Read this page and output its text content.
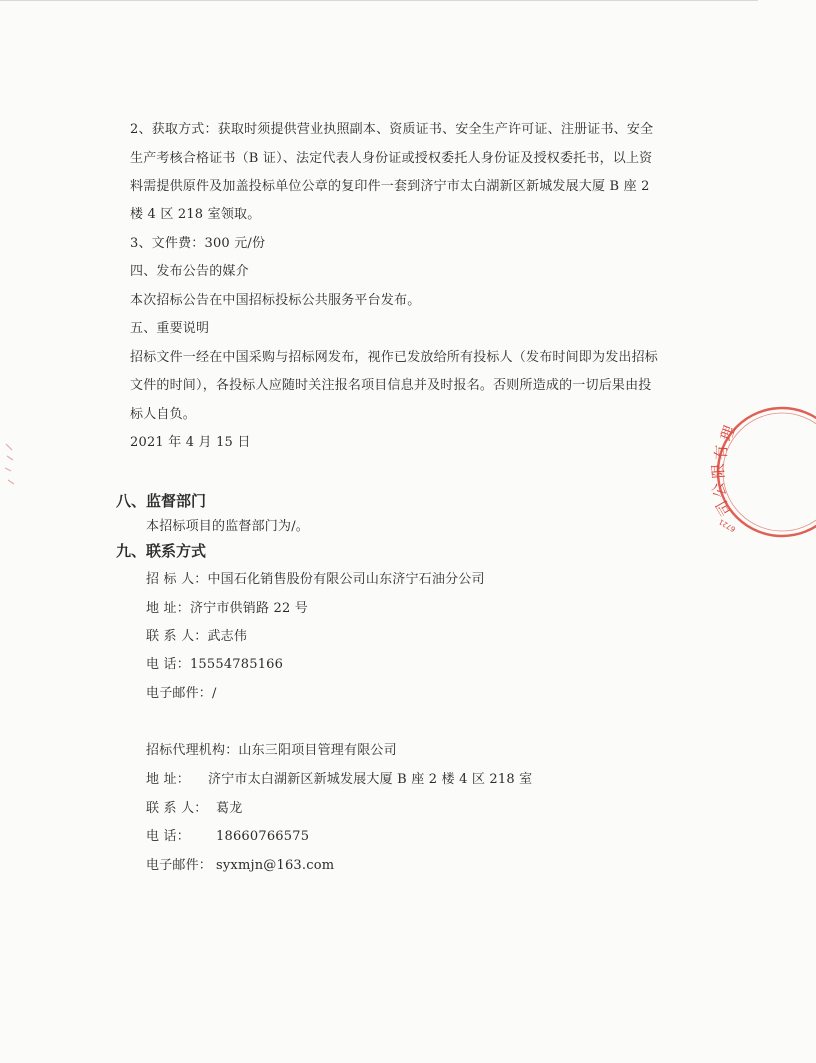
2、获取方式：获取时须提供营业执照副本、资质证书、安全生产许可证、注册证书、安全
生产考核合格证书（B 证）、法定代表人身份证或授权委托人身份证及授权委托书，以上资
料需提供原件及加盖投标单位公章的复印件一套到济宁市太白湖新区新城发展大厦 B 座 2
楼 4 区 218 室领取。
3、文件费：300 元/份
四、发布公告的媒介
本次招标公告在中国招标投标公共服务平台发布。
五、重要说明
招标文件一经在中国采购与招标网发布，视作已发放给所有投标人（发布时间即为发出招标
文件的时间），各投标人应随时关注报名项目信息并及时报名。否则所造成的一切后果由投
标人自负。
2021 年 4 月 15 日
八、监督部门
本招标项目的监督部门为/。
九、联系方式
招 标 人：中国石化销售股份有限公司山东济宁石油分公司
地 址：济宁市供销路 22 号
联 系 人：武志伟
电 话：15554785166
电子邮件：/
招标代理机构：山东三阳项目管理有限公司
地 址： 济宁市太白湖新区新城发展大厦 B 座 2 楼 4 区 218 室
联 系 人： 葛龙
电 话： 18660766575
电子邮件： syxmjn@163.com
理
有
限
公
司
6721
